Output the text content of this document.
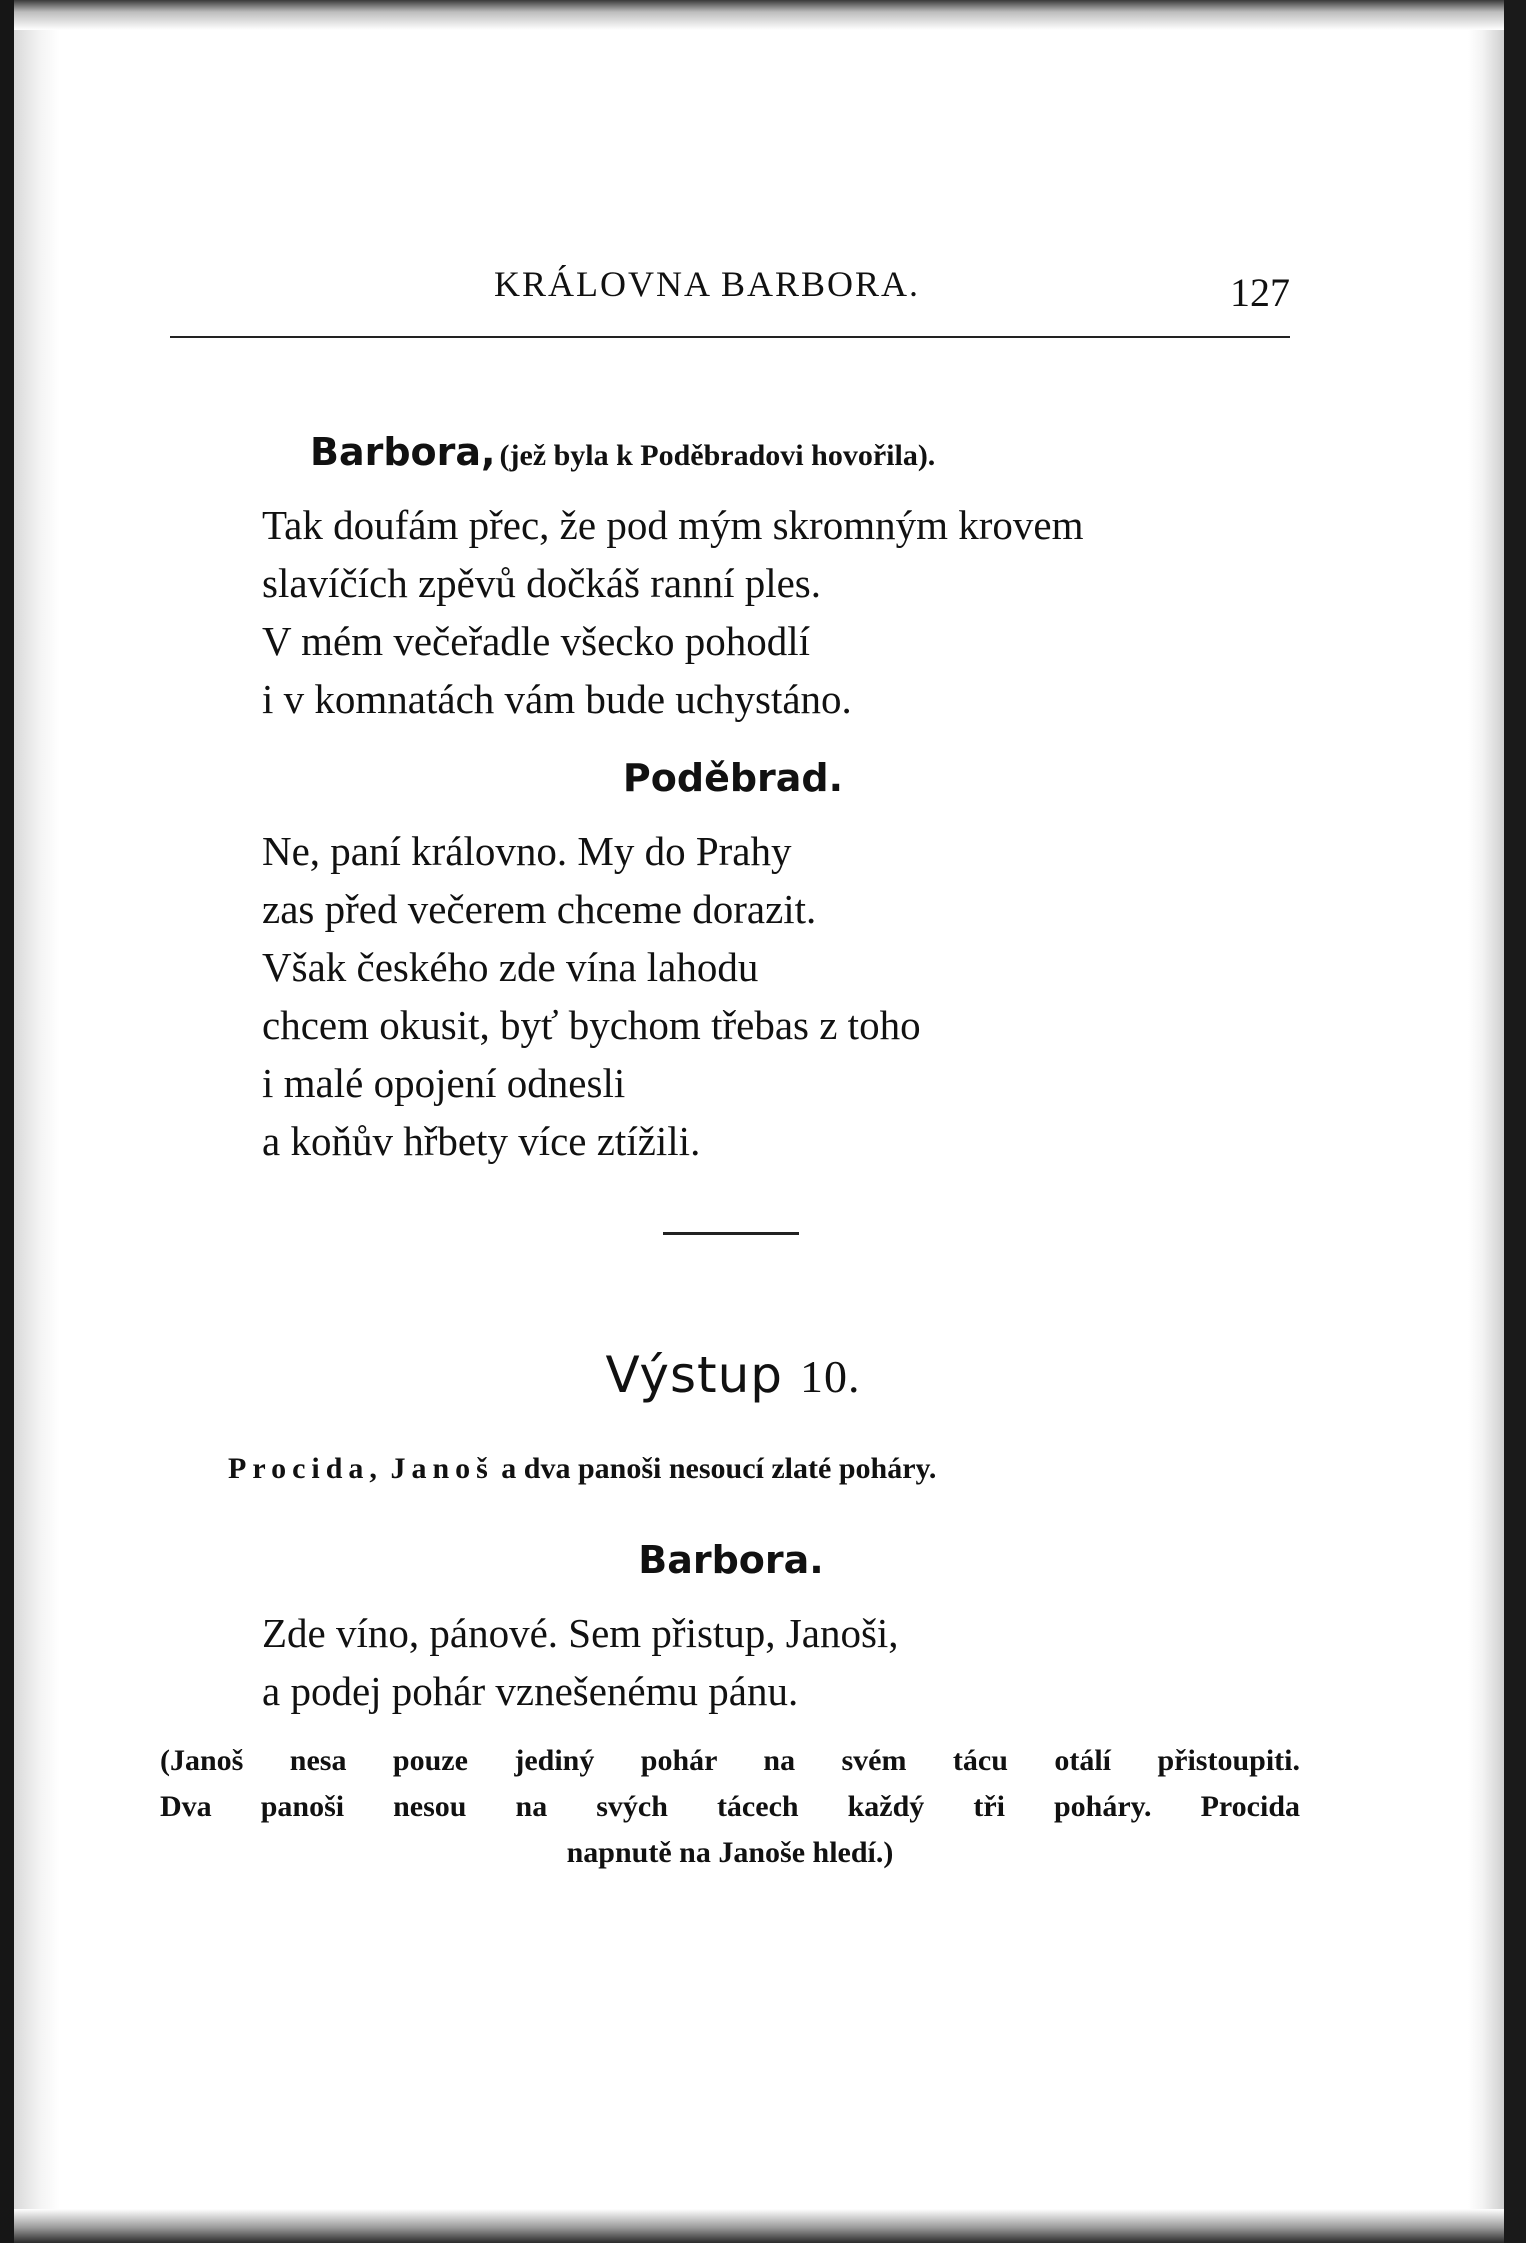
KRÁLOVNA BARBORA.	127
Barbora, (jež byla k Poděbradovi hovořila).
Tak doufám přec, že pod mým skromným krovem
slavíčích zpěvů dočkáš ranní ples.
V mém večeřadle všecko pohodlí
i v komnatách vám bude uchystáno.
Poděbrad.
Ne, paní královno. My do Prahy
zas před večerem chceme dorazit.
Však českého zde vína lahodu
chcem okusit, byť bychom třebas z toho
i malé opojení odnesli
a koňův hřbety více ztížili.
Výstup 10.
Procida, Janoš a dva panoši nesoucí zlaté poháry.
Barbora.
Zde víno, pánové. Sem přistup, Janoši,
a podej pohár vznešenému pánu.
(Janoš nesa pouze jediný pohár na svém tácu otálí přistoupiti.
Dva panoši nesou na svých tácech každý tři poháry. Procida
napnutě na Janoše hledí.)
